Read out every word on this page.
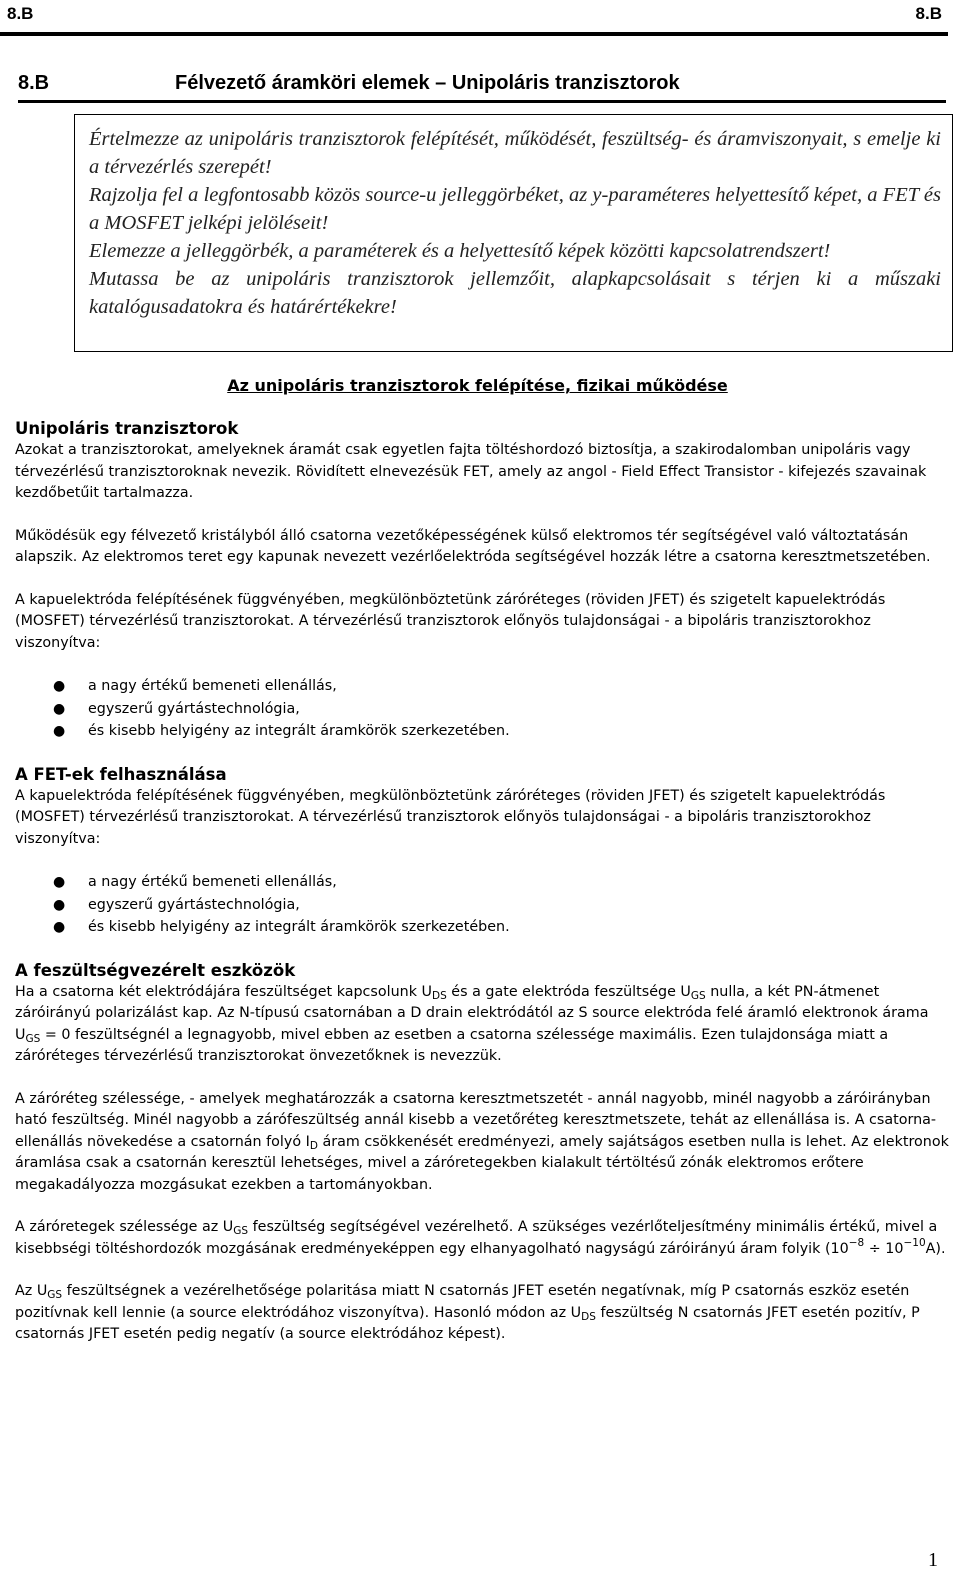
8.B	8.B
8.B	Félvezető áramköri elemek – Unipoláris tranzisztorok

Értelmezze az unipoláris tranzisztorok felépítését, működését, feszültség- és áramviszonyait, s emelje ki a térvezérlés szerepét!

Rajzolja fel a legfontosabb közös source-u jelleggörbéket, az y-paraméteres helyettesítő képet, a FET és a MOSFET jelképi jelöléseit!

Elemezze a jelleggörbék, a paraméterek és a helyettesítő képek közötti kapcsolatrendszert!

Mutassa be az unipoláris tranzisztorok jellemzőit, alapkapcsolásait s térjen ki a műszaki katalógusadatokra és határértékekre!

Az unipoláris tranzisztorok felépítése, fizikai működése

Unipoláris tranzisztorok

Azokat a tranzisztorokat, amelyeknek áramát csak egyetlen fajta töltéshordozó biztosítja, a szakirodalomban unipoláris vagy térvezérlésű tranzisztoroknak nevezik. Rövidített elnevezésük FET, amely az angol - Field Effect Transistor - kifejezés szavainak kezdőbetűit tartalmazza.

Működésük egy félvezető kristályból álló csatorna vezetőképességének külső elektromos tér segítségével való változtatásán alapszik. Az elektromos teret egy kapunak nevezett vezérlőelektróda segítségével hozzák létre a csatorna keresztmetszetében.

A kapuelektróda felépítésének függvényében, megkülönböztetünk záróréteges (röviden JFET) és szigetelt kapuelektródás (MOSFET) térvezérlésű tranzisztorokat. A térvezérlésű tranzisztorok előnyös tulajdonságai - a bipoláris tranzisztorokhoz viszonyítva:

● a nagy értékű bemeneti ellenállás,
● egyszerű gyártástechnológia,
● és kisebb helyigény az integrált áramkörök szerkezetében.

A FET-ek felhasználása

A kapuelektróda felépítésének függvényében, megkülönböztetünk záróréteges (röviden JFET) és szigetelt kapuelektródás (MOSFET) térvezérlésű tranzisztorokat. A térvezérlésű tranzisztorok előnyös tulajdonságai - a bipoláris tranzisztorokhoz viszonyítva:

● a nagy értékű bemeneti ellenállás,
● egyszerű gyártástechnológia,
● és kisebb helyigény az integrált áramkörök szerkezetében.

A feszültségvezérelt eszközök

Ha a csatorna két elektródájára feszültséget kapcsolunk $U_{DS}$ és a gate elektróda feszültsége $U_{GS}$ nulla, a két PN-átmenet záróirányú polarizálást kap. Az N-típusú csatornában a D drain elektródától az S source elektróda felé áramló elektronok árama $U_{GS} = 0$ feszültségnél a legnagyobb, mivel ebben az esetben a csatorna szélessége maximális. Ezen tulajdonsága miatt a záróréteges térvezérlésű tranzisztorokat önvezetőknek is nevezzük.

A záróréteg szélessége, - amelyek meghatározzák a csatorna keresztmetszetét - annál nagyobb, minél nagyobb a záróirányban ható feszültség. Minél nagyobb a zárófeszültség annál kisebb a vezetőréteg keresztmetszete, tehát az ellenállása is. A csatorna-ellenállás növekedése a csatornán folyó $I_D$ áram csökkenését eredményezi, amely sajátságos esetben nulla is lehet. Az elektronok áramlása csak a csatornán keresztül lehetséges, mivel a záróretegekben kialakult tértöltésű zónák elektromos erőtere megakadályozza mozgásukat ezekben a tartományokban.

A záróretegek szélessége az $U_{GS}$ feszültség segítségével vezérelhető. A szükséges vezérlőteljesítmény minimális értékű, mivel a kisebbségi töltéshordozók mozgásának eredményeképpen egy elhanyagolható nagyságú záróirányú áram folyik $(10^{-8} \div 10^{-10}A)$.

Az $U_{GS}$ feszültségnek a vezérelhetősége polaritása miatt N csatornás JFET esetén negatívnak, míg P csatornás eszköz esetén pozitívnak kell lennie (a source elektródához viszonyítva). Hasonló módon az $U_{DS}$ feszültség N csatornás JFET esetén pozitív, P csatornás JFET esetén pedig negatív (a source elektródához képest).

1
